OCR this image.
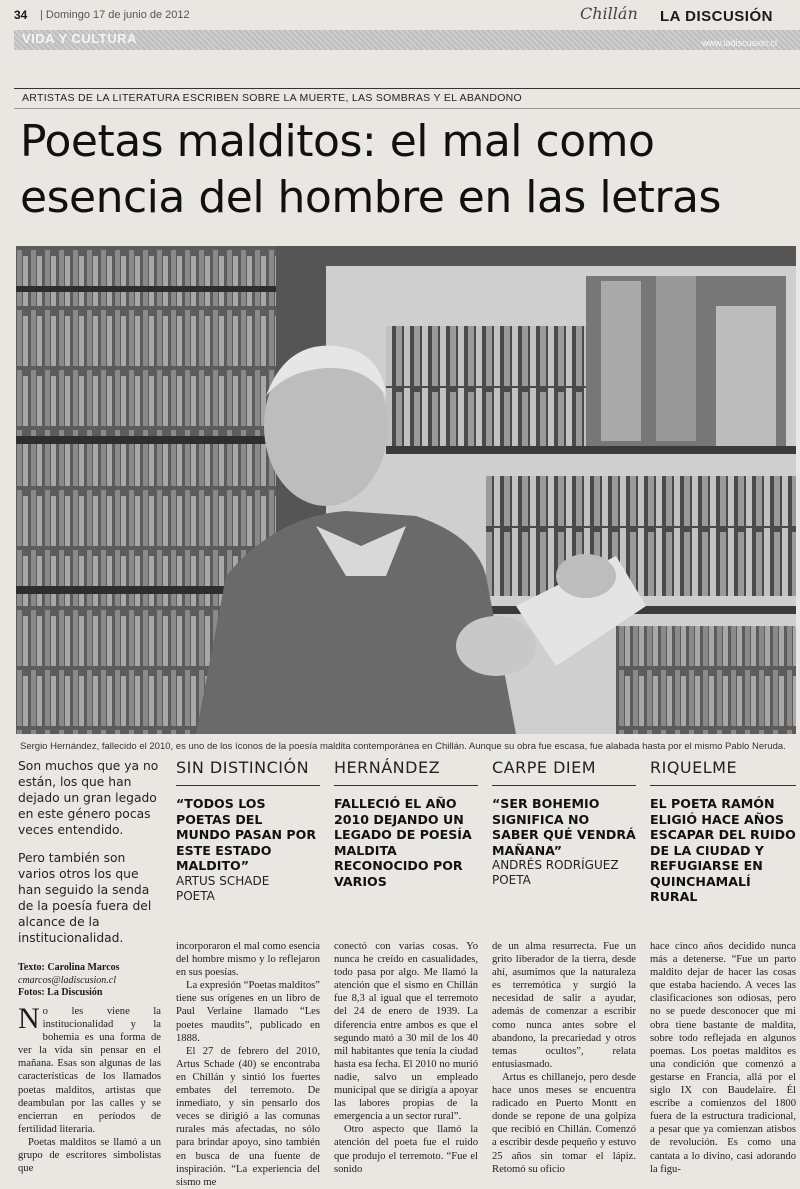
34 | Domingo 17 de junio de 2012	Chillán LA DISCUSIÓN
VIDA Y CULTURA	www.ladiscusion.cl
ARTISTAS DE LA LITERATURA ESCRIBEN SOBRE LA MUERTE, LAS SOMBRAS Y EL ABANDONO
Poetas malditos: el mal como
esencia del hombre en las letras
Sergio Hernández, fallecido el 2010, es uno de los íconos de la poesía maldita contemporánea en Chillán. Aunque su obra fue escasa, fue alabada hasta por el mismo Pablo Neruda.

Son muchos que ya no están, los que han dejado un gran legado en este género pocas veces entendido.

Pero también son varios otros los que han seguido la senda de la poesía fuera del alcance de la institucionalidad.

Texto: Carolina Marcos
cmarcos@ladiscusion.cl
Fotos: La Discusión
SIN DISTINCIÓN
“TODOS LOS POETAS DEL MUNDO PASAN POR ESTE ESTADO MALDITO”
ARTUS SCHADE
POETA
HERNÁNDEZ
FALLECIÓ EL AÑO 2010 DEJANDO UN LEGADO DE POESÍA MALDITA RECONOCIDO POR VARIOS
CARPE DIEM
“SER BOHEMIO SIGNIFICA NO SABER QUÉ VENDRÁ MAÑANA”
ANDRÉS RODRÍGUEZ
POETA
RIQUELME
EL POETA RAMÓN ELIGIÓ HACE AÑOS ESCAPAR DEL RUIDO DE LA CIUDAD Y REFUGIARSE EN QUINCHAMALÍ RURAL

No les viene la institucionalidad y la bohemia es una forma de ver la vida sin pensar en el mañana. Esas son algunas de las características de los llamados poetas malditos, artistas que deambulan por las calles y se encierran en períodos de fertilidad literaria.

Poetas malditos se llamó a un grupo de escritores simbolistas que

incorporaron el mal como esencia del hombre mismo y lo reflejaron en sus poesías.

La expresión “Poetas malditos” tiene sus orígenes en un libro de Paul Verlaine llamado “Les poetes maudits”, publicado en 1888.

El 27 de febrero del 2010, Artus Schade (40) se encontraba en Chillán y sintió los fuertes embates del terremoto. De inmediato, y sin pensarlo dos veces se dirigió a las comunas rurales más afectadas, no sólo para brindar apoyo, sino también en busca de una fuente de inspiración. “La experiencia del sismo me

conectó con varias cosas. Yo nunca he creído en casualidades, todo pasa por algo. Me llamó la atención que el sismo en Chillán fue 8,3 al igual que el terremoto del 24 de enero de 1939. La diferencia entre ambos es que el segundo mató a 30 mil de los 40 mil habitantes que tenía la ciudad hasta esa fecha. El 2010 no murió nadie, salvo un empleado municipal que se dirigía a apoyar las labores propias de la emergencia a un sector rural”.

Otro aspecto que llamó la atención del poeta fue el ruido que produjo el terremoto. “Fue el sonido

de un alma resurrecta. Fue un grito liberador de la tierra, desde ahí, asumimos que la naturaleza es terremótica y surgió la necesidad de salir a ayudar, además de comenzar a escribir como nunca antes sobre el abandono, la precariedad y otros temas ocultos”, relata entusiasmado.

Artus es chillanejo, pero desde hace unos meses se encuentra radicado en Puerto Montt en donde se repone de una golpiza que recibió en Chillán. Comenzó a escribir desde pequeño y estuvo 25 años sin tomar el lápiz. Retomó su oficio

hace cinco años decidido nunca más a detenerse. “Fue un parto maldito dejar de hacer las cosas que estaba haciendo. A veces las clasificaciones son odiosas, pero no se puede desconocer que mi obra tiene bastante de maldita, sobre todo reflejada en algunos poemas. Los poetas malditos es una condición que comenzó a gestarse en Francia, allá por el siglo IX con Baudelaire. Él escribe a comienzos del 1800 fuera de la estructura tradicional, a pesar que ya comienzan atisbos de revolución. Es como una cantata a lo divino, casi adorando la figu-
